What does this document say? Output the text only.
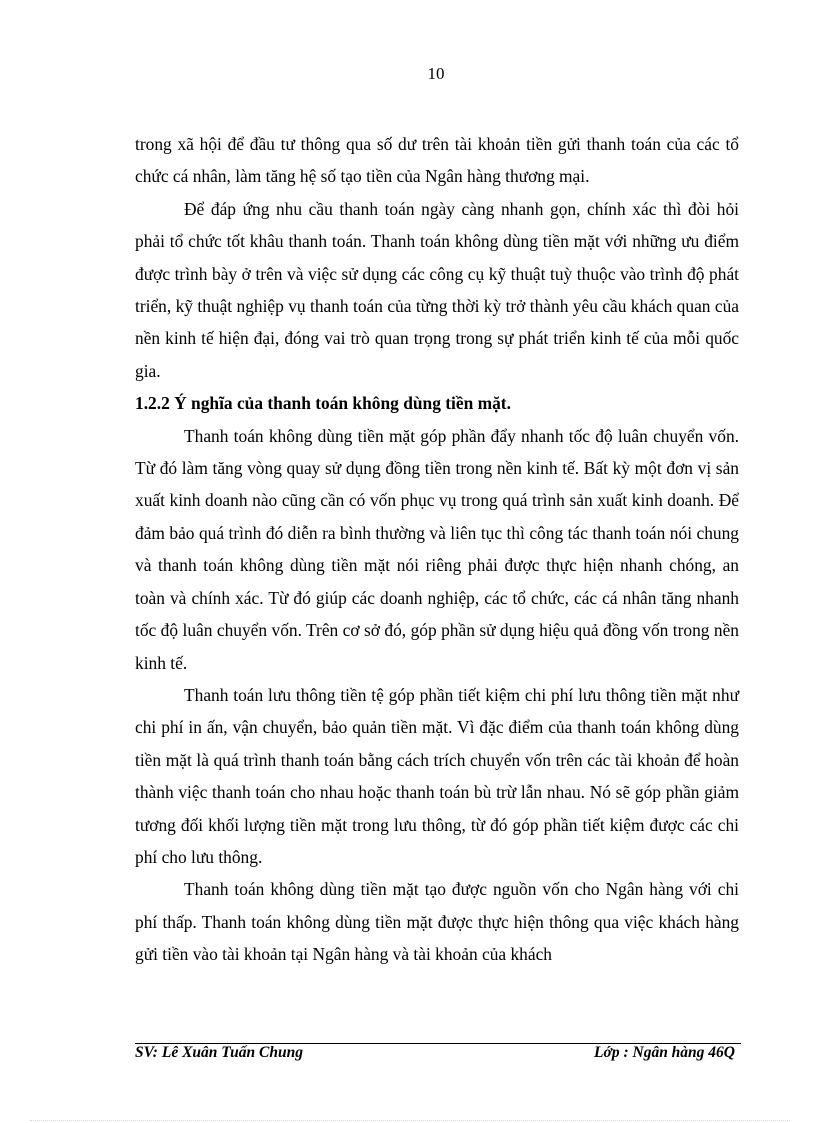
10

trong xã hội để đầu tư thông qua số dư trên tài khoản tiền gửi thanh toán của các tổ chức cá nhân, làm tăng hệ số tạo tiền của Ngân hàng thương mại.

Để đáp ứng nhu cầu thanh toán ngày càng nhanh gọn, chính xác thì đòi hỏi phải tổ chức tốt khâu thanh toán. Thanh toán không dùng tiền mặt với những ưu điểm được trình bày ở trên và việc sử dụng các công cụ kỹ thuật tuỳ thuộc vào trình độ phát triển, kỹ thuật nghiệp vụ thanh toán của từng thời kỳ trở thành yêu cầu khách quan của nền kinh tế hiện đại, đóng vai trò quan trọng trong sự phát triển kinh tế của mỗi quốc gia.

1.2.2 Ý nghĩa của thanh toán không dùng tiền mặt.

Thanh toán không dùng tiền mặt góp phần đẩy nhanh tốc độ luân chuyển vốn. Từ đó làm tăng vòng quay sử dụng đồng tiền trong nền kinh tế. Bất kỳ một đơn vị sản xuất kinh doanh nào cũng cần có vốn phục vụ trong quá trình sản xuất kinh doanh. Để đảm bảo quá trình đó diễn ra bình thường và liên tục thì công tác thanh toán nói chung và thanh toán không dùng tiền mặt nói riêng phải được thực hiện nhanh chóng, an toàn và chính xác. Từ đó giúp các doanh nghiệp, các tổ chức, các cá nhân tăng nhanh tốc độ luân chuyển vốn. Trên cơ sở đó, góp phần sử dụng hiệu quả đồng vốn trong nền kinh tế.

Thanh toán lưu thông tiền tệ góp phần tiết kiệm chi phí lưu thông tiền mặt như chi phí in ấn, vận chuyển, bảo quản tiền mặt. Vì đặc điểm của thanh toán không dùng tiền mặt là quá trình thanh toán bằng cách trích chuyển vốn trên các tài khoản để hoàn thành việc thanh toán cho nhau hoặc thanh toán bù trừ lẫn nhau. Nó sẽ góp phần giảm tương đối khối lượng tiền mặt trong lưu thông, từ đó góp phần tiết kiệm được các chi phí cho lưu thông.

Thanh toán không dùng tiền mặt tạo được nguồn vốn cho Ngân hàng với chi phí thấp. Thanh toán không dùng tiền mặt được thực hiện thông qua việc khách hàng gửi tiền vào tài khoản tại Ngân hàng và tài khoản của khách

SV: Lê Xuân Tuấn Chung	Lớp : Ngân hàng 46Q
